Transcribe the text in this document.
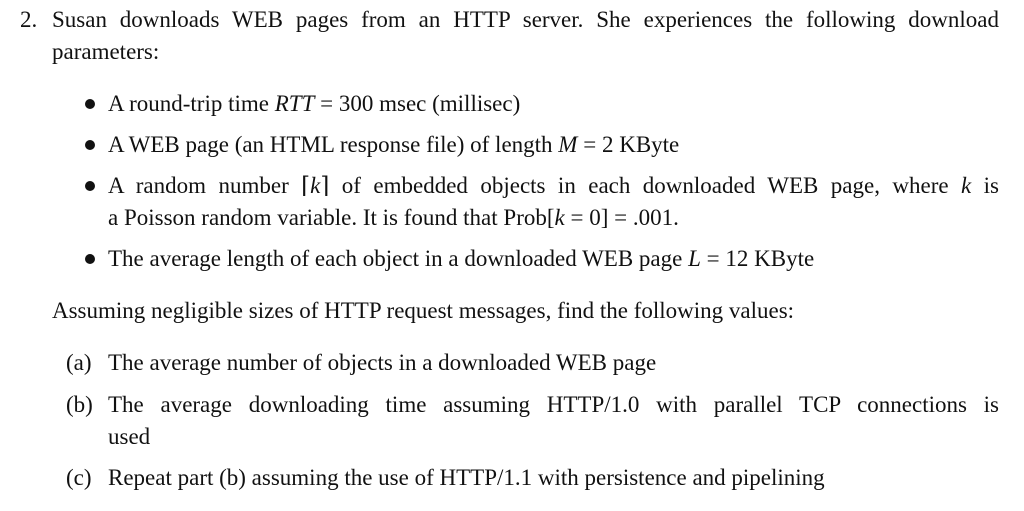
2. Susan downloads WEB pages from an HTTP server. She experiences the following download
parameters:
A round-trip time RTT = 300 msec (millisec)
A WEB page (an HTML response file) of length M = 2 KByte
A random number ⌈k⌉ of embedded objects in each downloaded WEB page, where k is
a Poisson random variable. It is found that Prob[k = 0] = .001.
The average length of each object in a downloaded WEB page L = 12 KByte
Assuming negligible sizes of HTTP request messages, find the following values:
(a) The average number of objects in a downloaded WEB page
(b) The average downloading time assuming HTTP/1.0 with parallel TCP connections is
used
(c) Repeat part (b) assuming the use of HTTP/1.1 with persistence and pipelining
